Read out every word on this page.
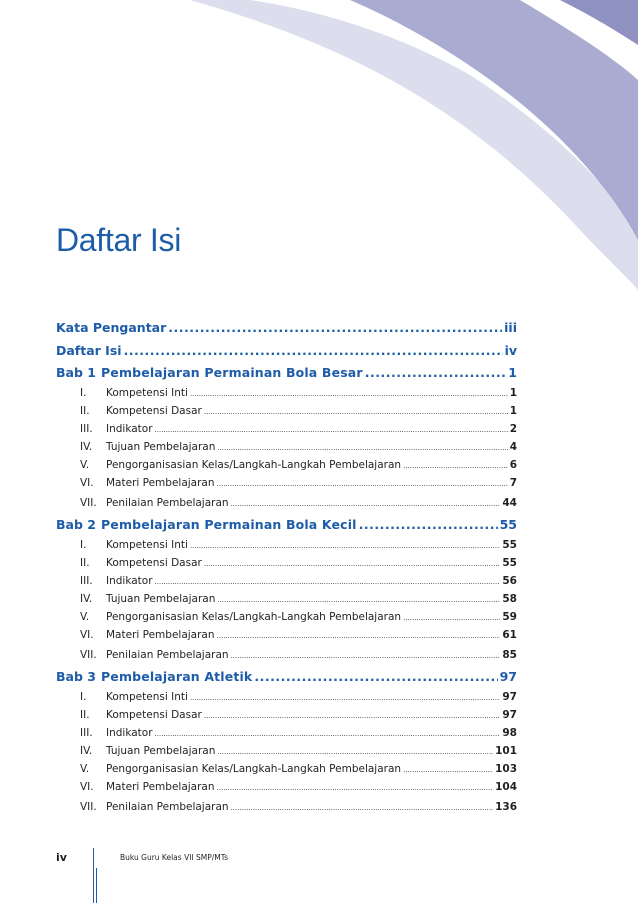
Daftar Isi
Kata Pengantar .....	iii
Daftar Isi .....	iv
Bab 1 Pembelajaran Permainan Bola Besar .....	1
I.	Kompetensi Inti .....	1
II.	Kompetensi Dasar .....	1
III.	Indikator .....	2
IV.	Tujuan Pembelajaran .....	4
V.	Pengorganisasian Kelas/Langkah-Langkah Pembelajaran .....	6
VI.	Materi Pembelajaran .....	7
VII. Penilaian Pembelajaran .....	44
Bab 2 Pembelajaran Permainan Bola Kecil .....	55
I.	Kompetensi Inti .....	55
II.	Kompetensi Dasar .....	55
III.	Indikator .....	56
IV.	Tujuan Pembelajaran .....	58
V.	Pengorganisasian Kelas/Langkah-Langkah Pembelajaran .....	59
VI.	Materi Pembelajaran .....	61
VII. Penilaian Pembelajaran .....	85
Bab 3 Pembelajaran Atletik .....	97
I.	Kompetensi Inti .....	97
II.	Kompetensi Dasar .....	97
III.	Indikator .....	98
IV.	Tujuan Pembelajaran .....	101
V.	Pengorganisasian Kelas/Langkah-Langkah Pembelajaran .....	103
VI.	Materi Pembelajaran .....	104
VII. Penilaian Pembelajaran .....	136
iv	Buku Guru Kelas VII SMP/MTs
